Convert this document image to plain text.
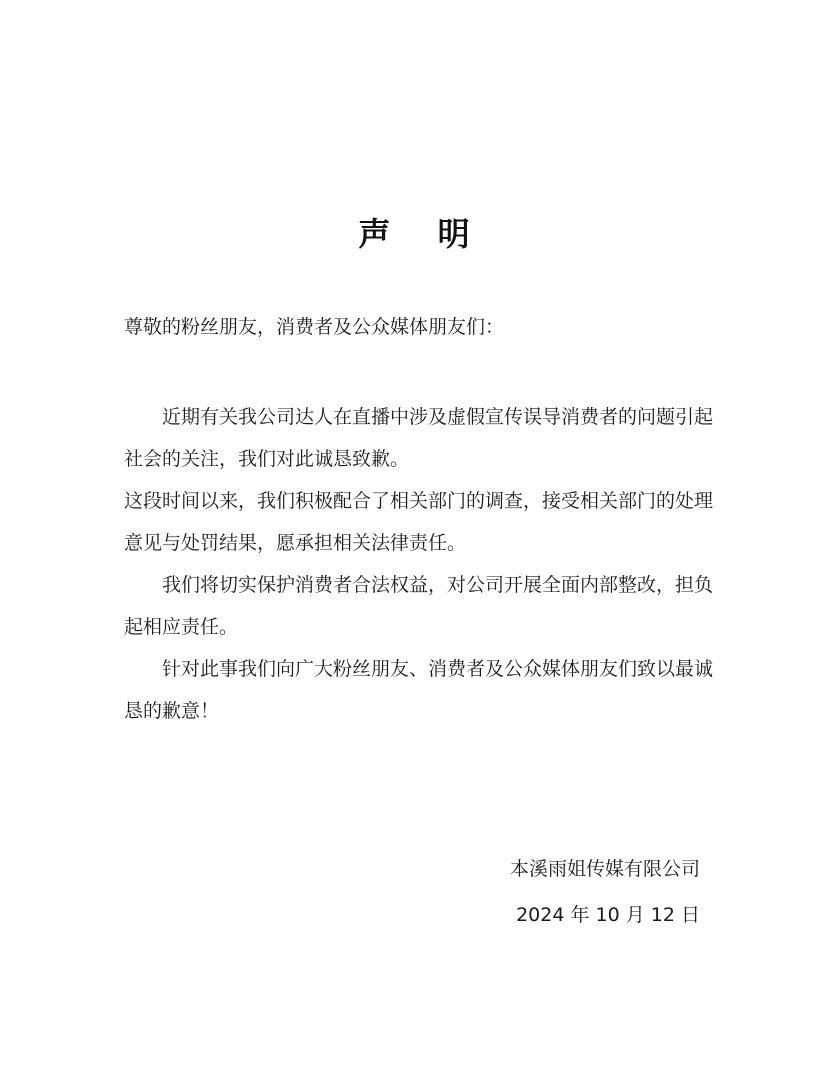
声 明
尊敬的粉丝朋友，消费者及公众媒体朋友们：

近期有关我公司达人在直播中涉及虚假宣传误导消费者的问题引起社会的关注，我们对此诚恳致歉。

这段时间以来，我们积极配合了相关部门的调查，接受相关部门的处理意见与处罚结果，愿承担相关法律责任。

我们将切实保护消费者合法权益，对公司开展全面内部整改，担负起相应责任。

针对此事我们向广大粉丝朋友、消费者及公众媒体朋友们致以最诚恳的歉意！

本溪雨姐传媒有限公司
2024 年 10 月 12 日
